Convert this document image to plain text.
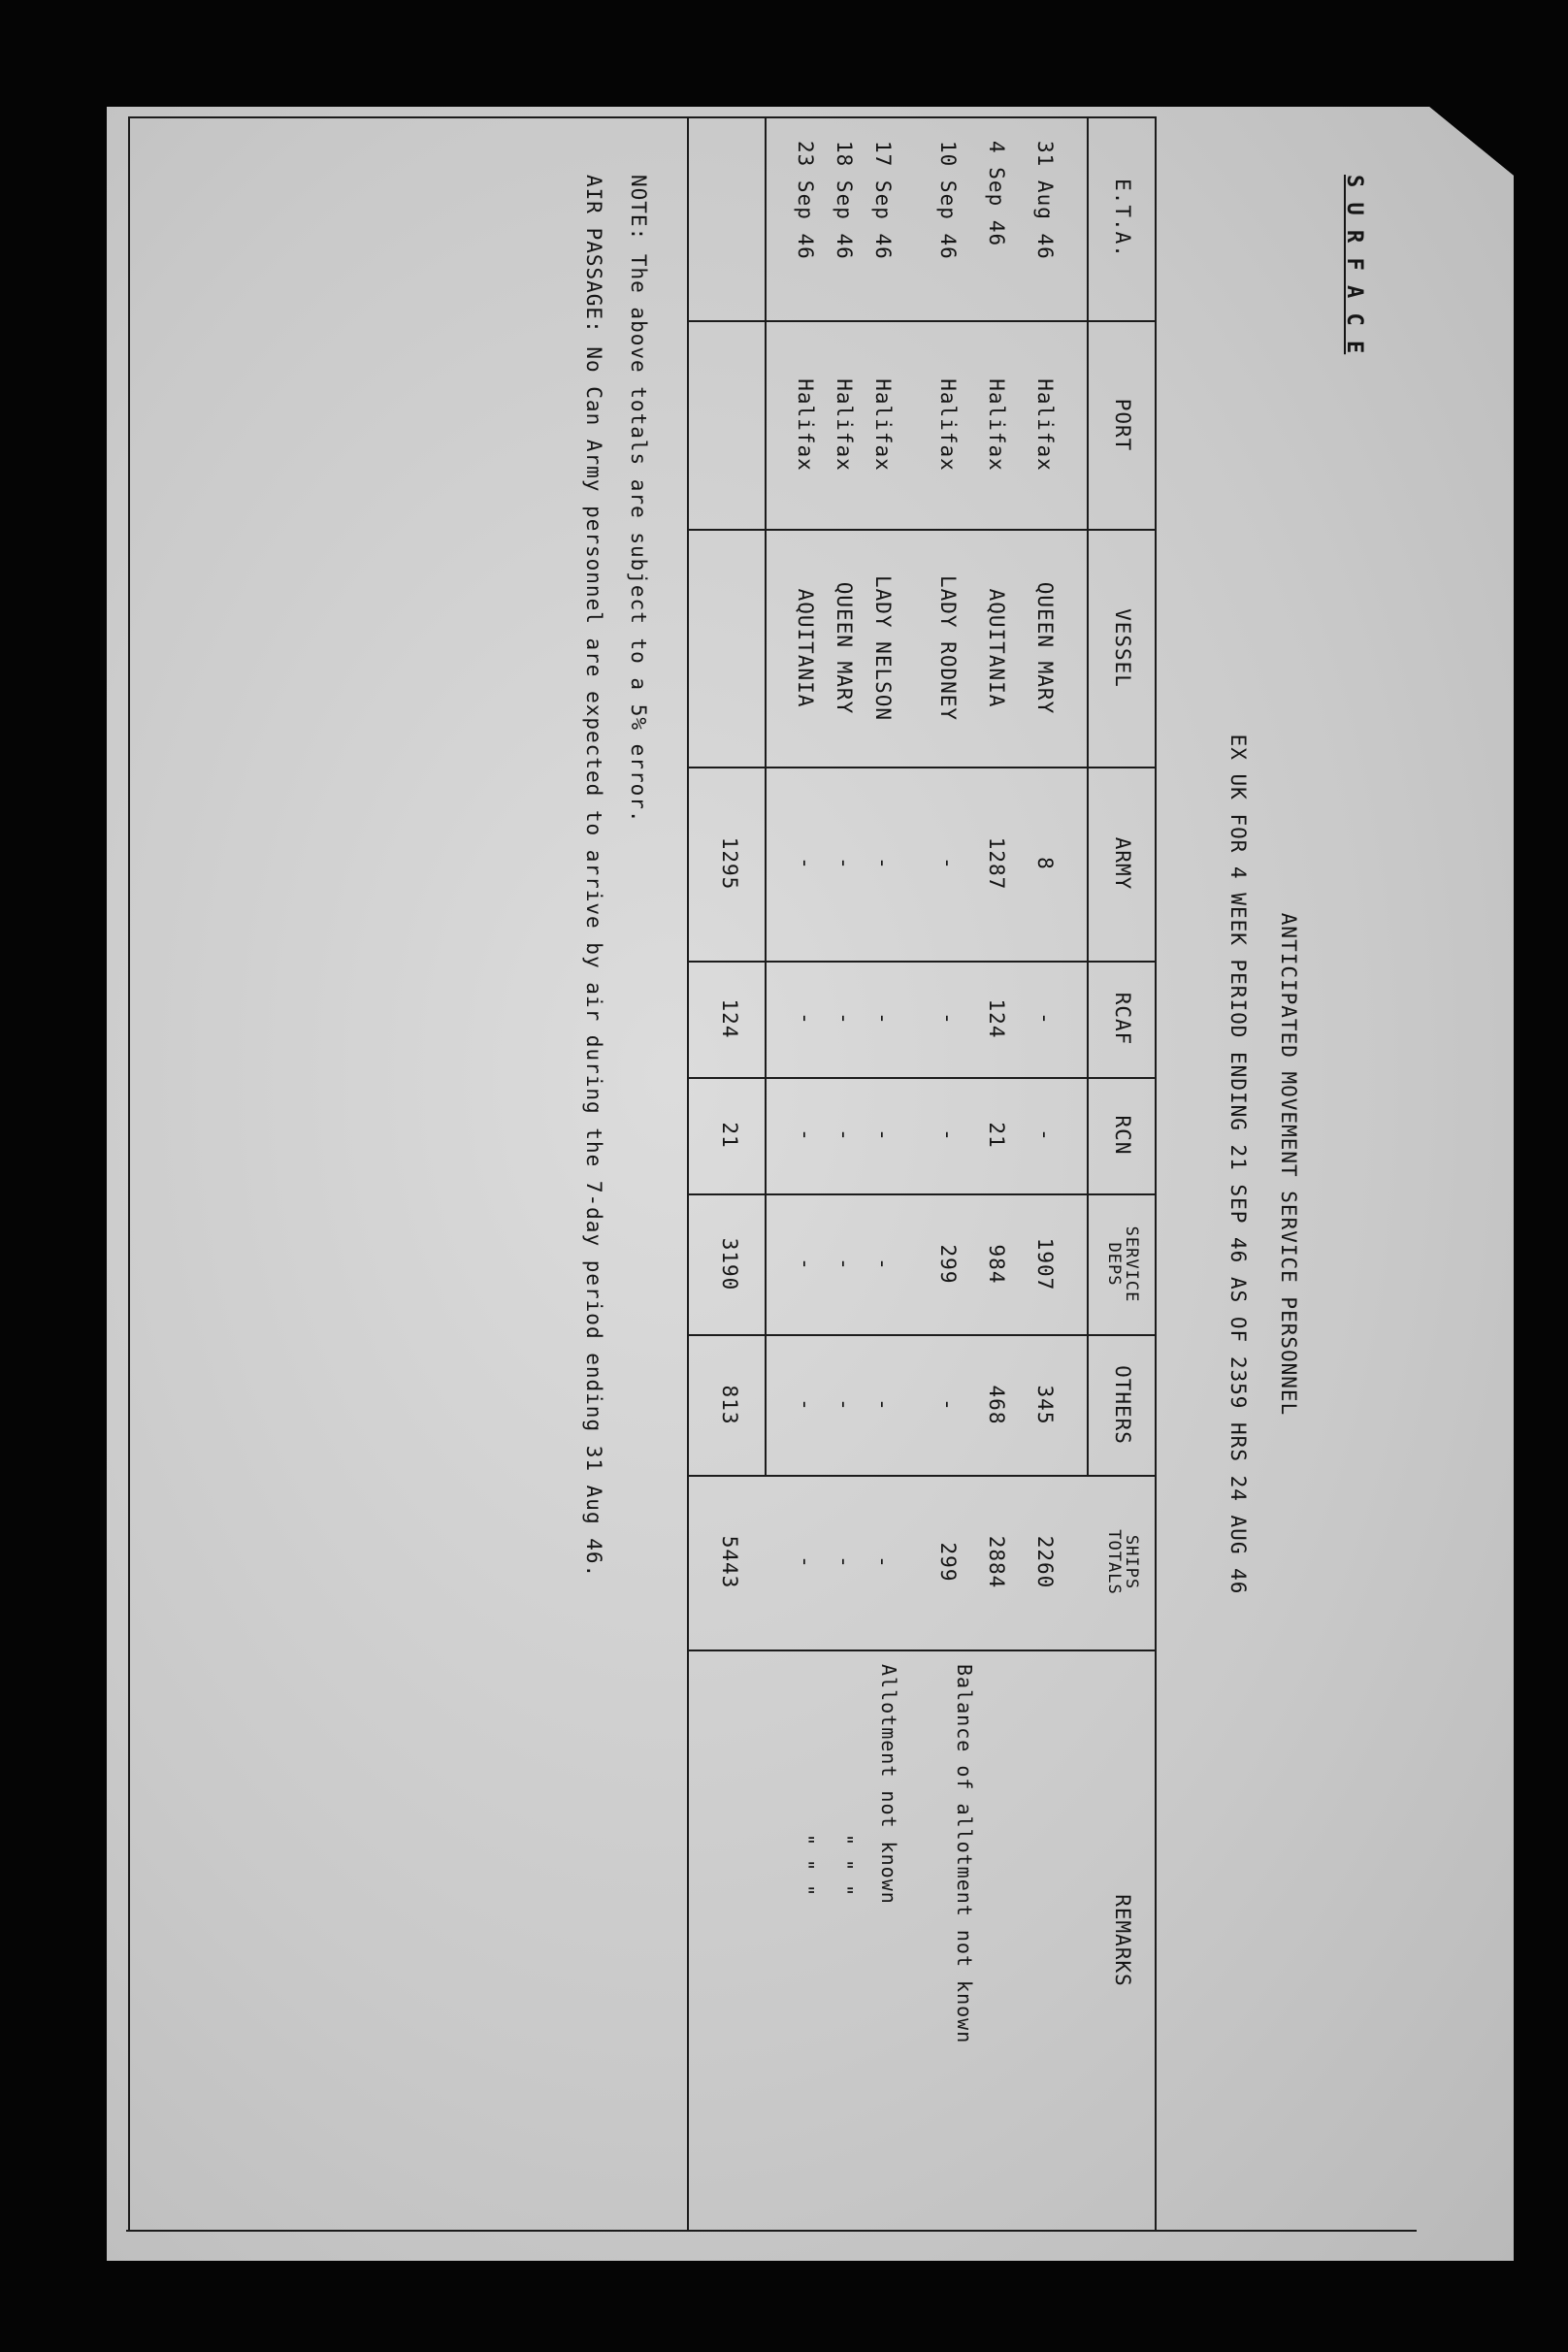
S U R F A C E
ANTICIPATED MOVEMENT SERVICE PERSONNEL
EX UK FOR 4 WEEK PERIOD ENDING 21 SEP 46 AS OF 2359 HRS 24 AUG 46
E.T.A.
PORT
VESSEL
ARMY
RCAF
RCN
SERVICE DEPS
OTHERS
SHIPS TOTALS
REMARKS
31 Aug 46
Halifax
QUEEN MARY
8
-
-
1907
345
2260
4 Sep 46
Halifax
AQUITANIA
1287
124
21
984
468
2884
10 Sep 46
Halifax
LADY RODNEY
-
-
-
299
-
299
17 Sep 46
Halifax
LADY NELSON
-
-
-
-
-
-
18 Sep 46
Halifax
QUEEN MARY
-
-
-
-
-
-
23 Sep 46
Halifax
AQUITANIA
-
-
-
-
-
-
Balance of allotment not known
Allotment not known
" " "
" " "
1295
124
21
3190
813
5443
NOTE: The above totals are subject to a 5% error.
AIR PASSAGE: No Can Army personnel are expected to arrive by air during the 7-day period ending 31 Aug 46.
